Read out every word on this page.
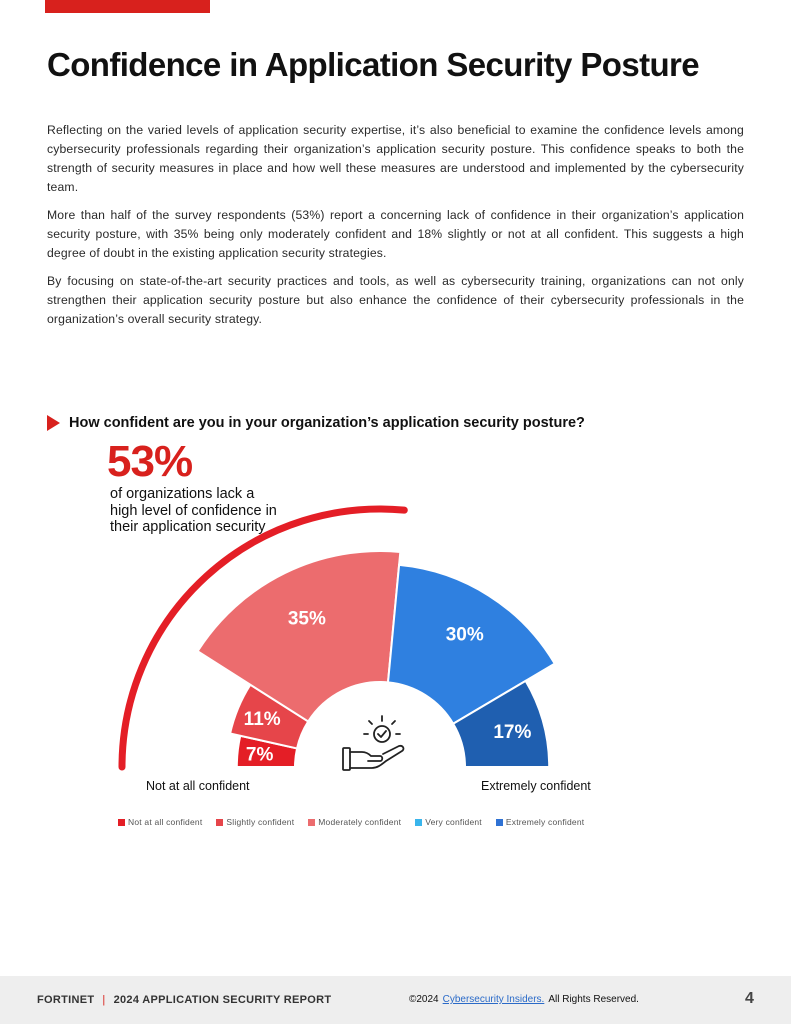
Confidence in Application Security Posture

Reflecting on the varied levels of application security expertise, it’s also beneficial to examine the confidence levels among cybersecurity professionals regarding their organization’s application security posture. This confidence speaks to both the strength of security measures in place and how well these measures are understood and implemented by the cybersecurity team.

More than half of the survey respondents (53%) report a concerning lack of confidence in their organization’s application security posture, with 35% being only moderately confident and 18% slightly or not at all confident. This suggests a high degree of doubt in the existing application security strategies.

By focusing on state-of-the-art security practices and tools, as well as cybersecurity training, organizations can not only strengthen their application security posture but also enhance the confidence of their cybersecurity professionals in the organization’s overall security strategy.

How confident are you in your organization’s application security posture?
7%
11%
35%
30%
17%
53%
of organizations lack a high level of confidence in their application security
Not at all confident	Extremely confident
Not at all confident	Slightly confident	Moderately confident	Very confident	Extremely confident
FORTINET | 2024 APPLICATION SECURITY REPORT	©2024 Cybersecurity Insiders. All Rights Reserved.	4
